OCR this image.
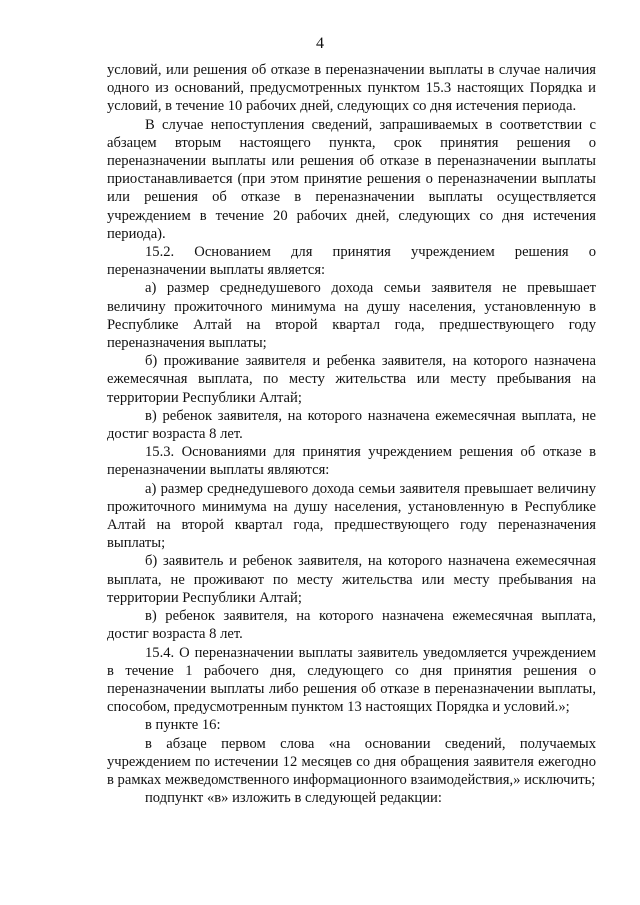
4

условий, или решения об отказе в переназначении выплаты в случае наличия одного из оснований, предусмотренных пунктом 15.3 настоящих Порядка и условий, в течение 10 рабочих дней, следующих со дня истечения периода.

В случае непоступления сведений, запрашиваемых в соответствии с абзацем вторым настоящего пункта, срок принятия решения о переназначении выплаты или решения об отказе в переназначении выплаты приостанавливается (при этом принятие решения о переназначении выплаты или решения об отказе в переназначении выплаты осуществляется учреждением в течение 20 рабочих дней, следующих со дня истечения периода).

15.2. Основанием для принятия учреждением решения о переназначении выплаты является:

а) размер среднедушевого дохода семьи заявителя не превышает величину прожиточного минимума на душу населения, установленную в Республике Алтай на второй квартал года, предшествующего году переназначения выплаты;

б) проживание заявителя и ребенка заявителя, на которого назначена ежемесячная выплата, по месту жительства или месту пребывания на территории Республики Алтай;

в) ребенок заявителя, на которого назначена ежемесячная выплата, не достиг возраста 8 лет.

15.3. Основаниями для принятия учреждением решения об отказе в переназначении выплаты являются:

а) размер среднедушевого дохода семьи заявителя превышает величину прожиточного минимума на душу населения, установленную в Республике Алтай на второй квартал года, предшествующего году переназначения выплаты;

б) заявитель и ребенок заявителя, на которого назначена ежемесячная выплата, не проживают по месту жительства или месту пребывания на территории Республики Алтай;

в) ребенок заявителя, на которого назначена ежемесячная выплата, достиг возраста 8 лет.

15.4. О переназначении выплаты заявитель уведомляется учреждением в течение 1 рабочего дня, следующего со дня принятия решения о переназначении выплаты либо решения об отказе в переназначении выплаты, способом, предусмотренным пунктом 13 настоящих Порядка и условий.»;

в пункте 16:

в абзаце первом слова «на основании сведений, получаемых учреждением по истечении 12 месяцев со дня обращения заявителя ежегодно в рамках межведомственного информационного взаимодействия,» исключить;

подпункт «в» изложить в следующей редакции:
